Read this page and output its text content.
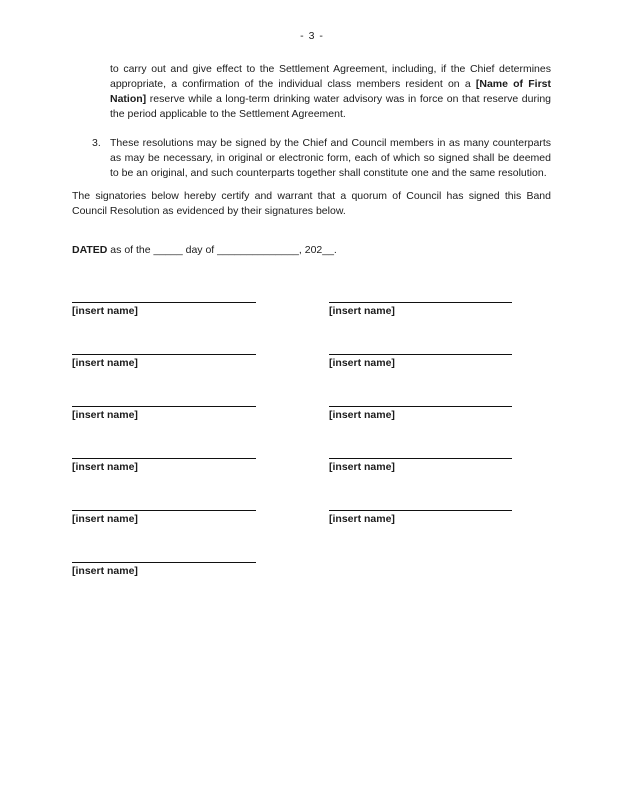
- 3 -

to carry out and give effect to the Settlement Agreement, including, if the Chief determines appropriate, a confirmation of the individual class members resident on a [Name of First Nation] reserve while a long-term drinking water advisory was in force on that reserve during the period applicable to the Settlement Agreement.

3. These resolutions may be signed by the Chief and Council members in as many counterparts as may be necessary, in original or electronic form, each of which so signed shall be deemed to be an original, and such counterparts together shall constitute one and the same resolution.

The signatories below hereby certify and warrant that a quorum of Council has signed this Band Council Resolution as evidenced by their signatures below.

DATED as of the _____ day of ______________, 202__.

[insert name]	[insert name]
[insert name]	[insert name]
[insert name]	[insert name]
[insert name]	[insert name]
[insert name]	[insert name]
[insert name]
